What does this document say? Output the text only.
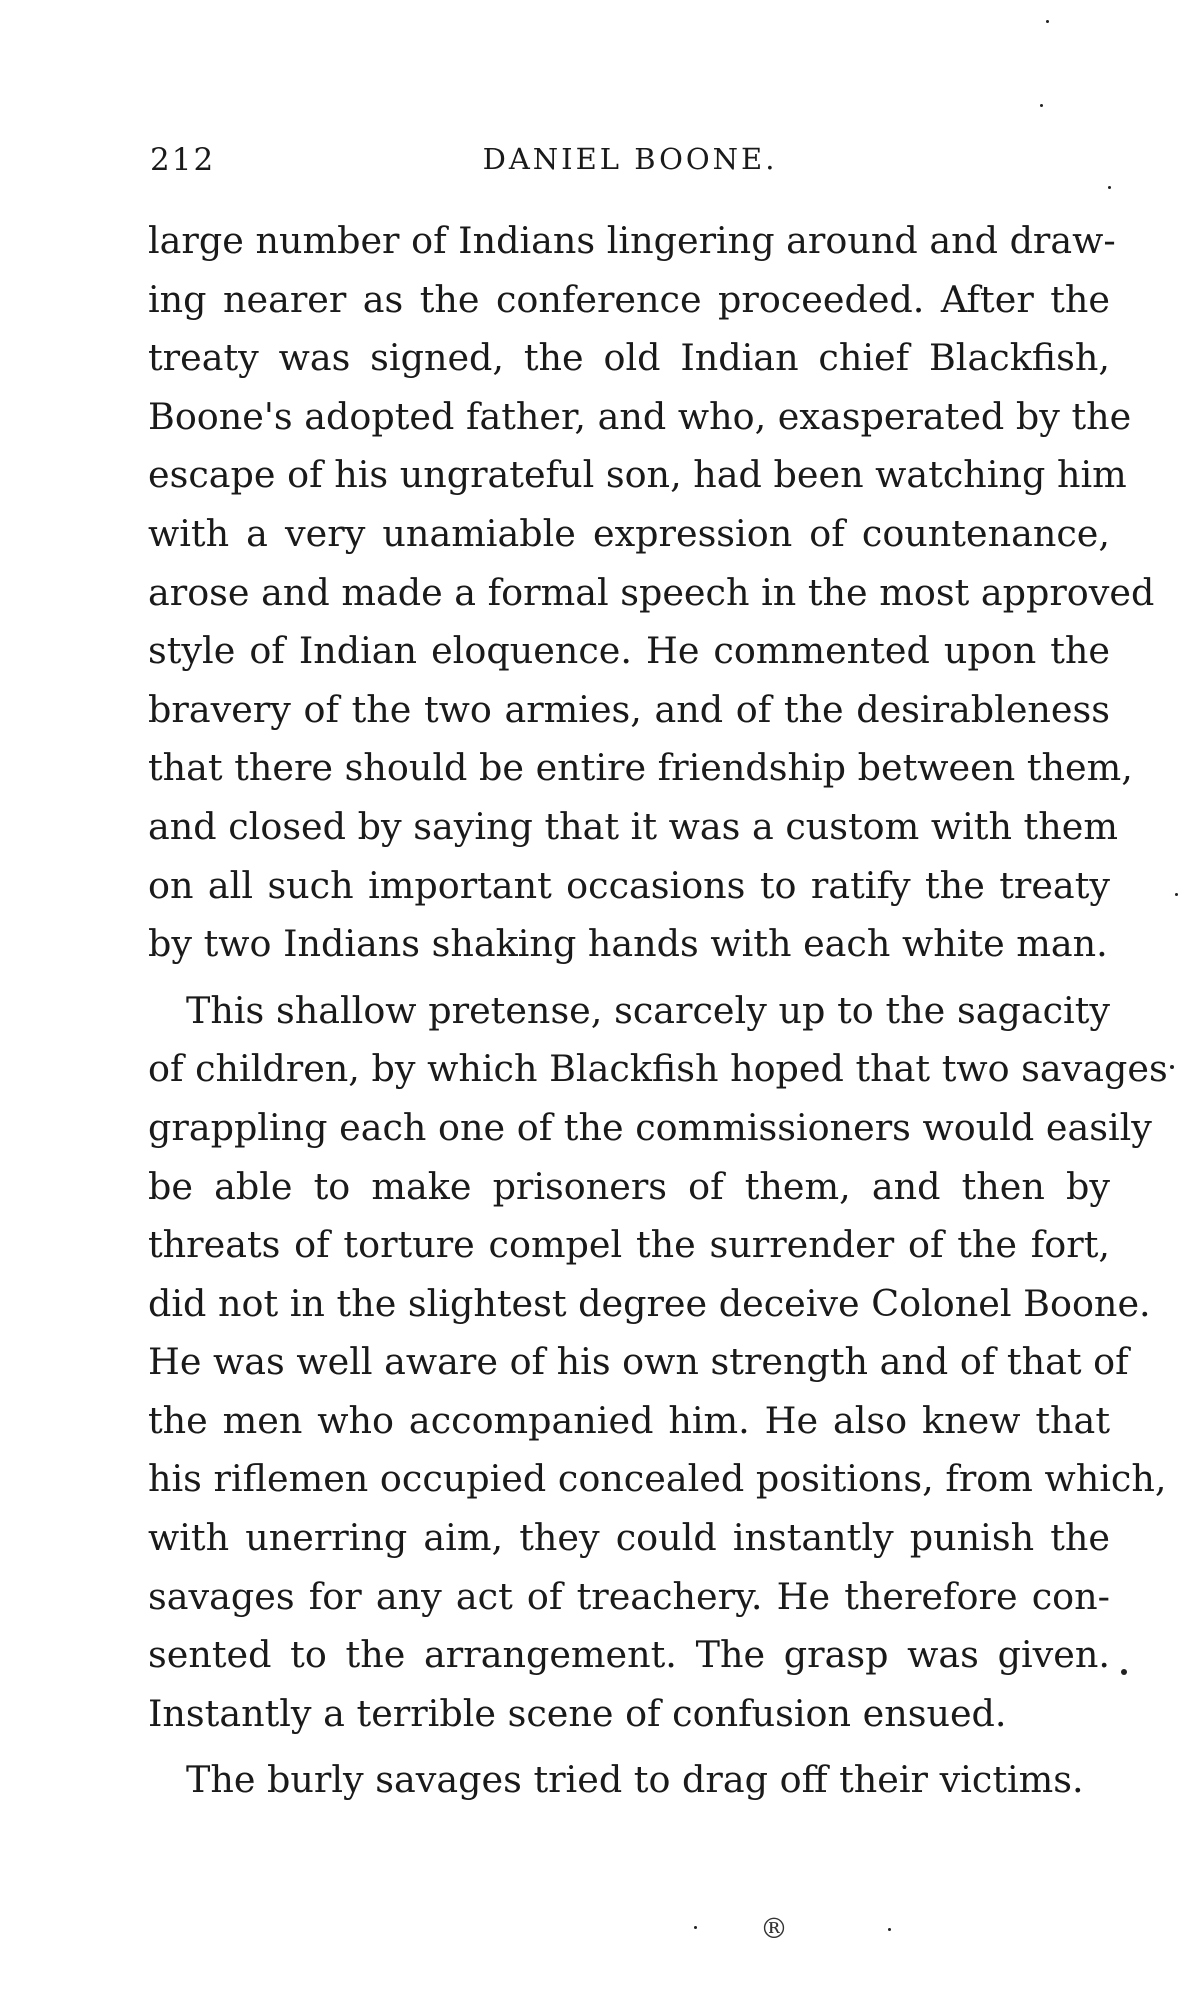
212	DANIEL BOONE.
large number of Indians lingering around and draw-
ing nearer as the conference proceeded. After the
treaty was signed, the old Indian chief Blackfish,
Boone's adopted father, and who, exasperated by the
escape of his ungrateful son, had been watching him
with a very unamiable expression of countenance,
arose and made a formal speech in the most approved
style of Indian eloquence. He commented upon the
bravery of the two armies, and of the desirableness
that there should be entire friendship between them,
and closed by saying that it was a custom with them
on all such important occasions to ratify the treaty
by two Indians shaking hands with each white man.
This shallow pretense, scarcely up to the sagacity
of children, by which Blackfish hoped that two savages
grappling each one of the commissioners would easily
be able to make prisoners of them, and then by
threats of torture compel the surrender of the fort,
did not in the slightest degree deceive Colonel Boone.
He was well aware of his own strength and of that of
the men who accompanied him. He also knew that
his riflemen occupied concealed positions, from which,
with unerring aim, they could instantly punish the
savages for any act of treachery. He therefore con-
sented to the arrangement. The grasp was given.
Instantly a terrible scene of confusion ensued.
The burly savages tried to drag off their victims.
®
